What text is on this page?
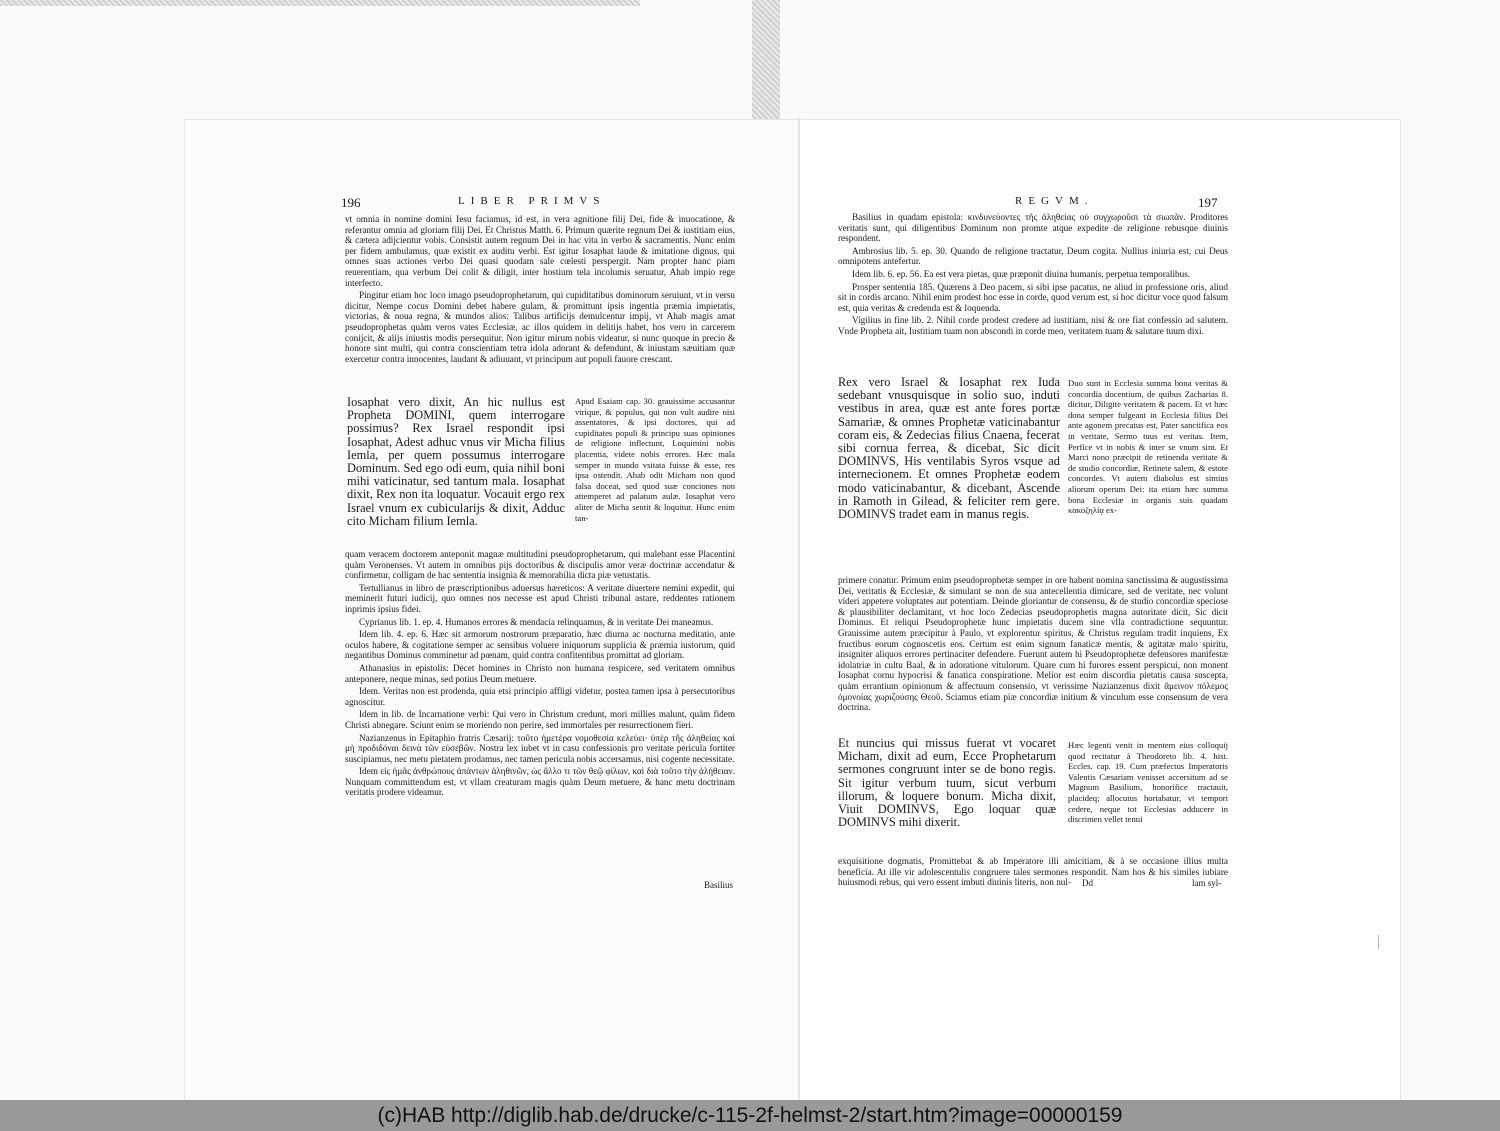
196	LIBER PRIMVS

vt omnia in nomine domini Iesu faciamus, id est, in vera agnitione filij Dei, fide & inuocatione, & referantur omnia ad gloriam filij Dei. Et Christus Matth. 6. Primum quærite regnum Dei & iustitiam eius, & cætera adijcientur vobis. Consistit autem regnum Dei in hac vita in verbo & sacramentis. Nunc enim per fidem ambulamus, quæ existit ex auditu verbi. Est igitur Iosaphat laude & imitatione dignus, qui omnes suas actiones verbo Dei quasi quodam sale cœlesti perspergit. Nam propter hanc piam reuerentiam, qua verbum Dei colit & diligit, inter hostium tela incolumis seruatur, Ahab impio rege interfecto.

Pingitur etiam hoc loco imago pseudoprophetarum, qui cupiditatibus dominorum seruiunt, vt in versu dicitur, Nempe cocus Domini debet habere gulam, & promittunt ipsis ingentia præmia impietatis, victorias, & noua regna, & mundos alios: Talibus artificijs demulcentur impij, vt Ahab magis amat pseudoprophetas quàm veros vates Ecclesiæ, ac illos quidem in delitijs habet, hos vero in carcerem conijcit, & alijs iniustis modis persequitur. Non igitur mirum nobis videatur, si nunc quoque in precio & honore sint multi, qui contra conscientiam tetra idola adorant & defendunt, & iniustam sæuitiam quæ exercetur contra innocentes, laudant & adiuuant, vt principum aut populi fauore crescant.

Iosaphat vero dixit, An hic nullus est Propheta DOMINI, quem interrogare possimus? Rex Israel respondit ipsi Iosaphat, Adest adhuc vnus vir Micha filius Iemla, per quem possumus interrogare Dominum. Sed ego odi eum, quia nihil boni mihi vaticinatur, sed tantum mala. Iosaphat dixit, Rex non ita loquatur. Vocauit ergo rex Israel vnum ex cubicularijs & dixit, Adduc cito Micham filium Iemla.
Apud Esaiam cap. 30. grauissime accusantur vtrique, & populus, qui non vult audire nisi assentatores, & ipsi doctores, qui ad cupiditates populi & principu suas opiniones de religione inflectunt, Loquimini nobis placentia, videte nobis errores. Hæc mala semper in mundo vsitata fuisse & esse, res ipsa ostendit. Ahab odit Micham non quod falsa doceat, sed quod suæ conciones non attemperet ad palatum aulæ. Iosaphat vero aliter de Micha sentit & loquitur. Hunc enim tan-

quam veracem doctorem anteponit magnæ multitudini pseudoprophetarum, qui malebant esse Placentini quàm Veronenses. Vt autem in omnibus pijs doctoribus & discipulis amor veræ doctrinæ accendatur & confirmetur, colligam de hac sententia insignia & memorabilia dicta piæ vetustatis.

Tertullianus in libro de præscriptionibus aduersus hæreticos: A veritate diuertere nemini expedit, qui meminerit futuri iudicij, quo omnes nos necesse est apud Christi tribunal astare, reddentes rationem inprimis ipsius fidei.

Cyprianus lib. 1. ep. 4. Humanos errores & mendacia relinquamus, & in veritate Dei maneamus.

Idem lib. 4. ep. 6. Hæc sit armorum nostrorum præparatio, hæc diurna ac nocturna meditatio, ante oculos habere, & cogitatione semper ac sensibus voluere iniquorum supplicia & præmia iustorum, quid negantibus Dominus comminetur ad pœnam, quid contra confitentibus promittat ad gloriam.

Athanasius in epistolis: Decet homines in Christo non humana respicere, sed veritatem omnibus anteponere, neque minas, sed potius Deum metuere.

Idem. Veritas non est prodenda, quia etsi principio affligi videtur, postea tamen ipsa à persecutoribus agnoscitur.

Idem in lib. de Incarnatione verbi: Qui vero in Christum credunt, mori millies malunt, quàm fidem Christi abnegare. Sciunt enim se moriendo non perire, sed immortales per resurrectionem fieri.

Nazianzenus in Epitaphio fratris Cæsarij: τοῦτο ἡμετέρα νομοθεσία κελεύει· ὑπὲρ τῆς ἀληθείας καὶ μὴ προδιδόναι δεινὰ τῶν εὐσεβῶν. Nostra lex iubet vt in casu confessionis pro veritate pericula fortiter suscipiamus, nec metu pietatem prodamus, nec tamen pericula nobis accersamus, nisi cogente necessitate.

Idem εἰς ἡμᾶς ἀνθρώπους ἀπάντων ἀληθινῶν, ὡς ἄλλο τι τῶν θεῷ φίλων, καὶ διὰ τοῦτο τὴν ἀλήθειαν. Nunquam committendum est, vt vllam creaturam magis quàm Deum metuere, & hanc metu doctrinam veritatis prodere videamur.

Basilius
REGVM.	197

Basilius in quadam epistola: κινδυνεύοντες τῆς ἀληθείας οὐ συγχωροῦσι τὰ σιωπᾶν. Proditores veritatis sunt, qui diligentibus Dominum non promte atque expedite de religione rebusque diuinis respondent.

Ambrosius lib. 5. ep. 30. Quando de religione tractatur, Deum cogita. Nullius iniuria est, cui Deus omnipotens antefertur.

Idem lib. 6. ep. 56. Ea est vera pietas, quæ præponit diuina humanis, perpetua temporalibus.

Prosper sententia 185. Quærens à Deo pacem, si sibi ipse pacatus, ne aliud in professione oris, aliud sit in cordis arcano. Nihil enim prodest hoc esse in corde, quod verum est, si hoc dicitur voce quod falsum est, quia veritas & credenda est & loquenda.

Vigilius in fine lib. 2. Nihil corde prodest credere ad iustitiam, nisi & ore fiat confessio ad salutem. Vnde Propheta ait, Iustitiam tuam non abscondi in corde meo, veritatem tuam & salutare tuum dixi.

Rex vero Israel & Iosaphat rex Iuda sedebant vnusquisque in solio suo, induti vestibus in area, quæ est ante fores portæ Samariæ, & omnes Prophetæ vaticinabantur coram eis, & Zedecias filius Cnaena, fecerat sibi cornua ferrea, & dicebat, Sic dicit DOMINVS, His ventilabis Syros vsque ad internecionem. Et omnes Prophetæ eodem modo vaticinabantur, & dicebant, Ascende in Ramoth in Gilead, & feliciter rem gere. DOMINVS tradet eam in manus regis.
Duo sunt in Ecclesia summa bona veritas & concordia docentium, de quibus Zacharias 8. dicitur, Diligite veritatem & pacem. Et vt hæc dona semper fulgeant in Ecclesia filius Dei ante agonem precatus est, Pater sanctifica eos in veritate, Sermo tuus est veritas. Item, Perfice vt in nobis & inter se vnum sint. Et Marci nono præcipit de retinenda veritate & de studio concordiæ, Retinete salem, & estote concordes. Vt autem diabolus est simius aliorum operum Dei: ita etiam hæc summa bona Ecclesiæ in organis suis quadam κακοζηλίᾳ ex-
primere conatur. Primum enim pseudoprophetæ semper in ore habent nomina sanctissima & augustissima Dei, veritatis & Ecclesiæ, & simulant se non de sua antecellentia dimicare, sed de veritate, nec volunt videri appetere voluptates aut potentiam. Deinde gloriantur de consensu, & de studio concordiæ speciose & plausibiliter declamitant, vt hoc loco Zedecias pseudoprophetis magna autoritate dicit, Sic dicit Dominus. Et reliqui Pseudoprophetæ hunc impietatis ducem sine vlla contradictione sequuntur. Grauissime autem præcipitur à Paulo, vt explorentur spiritus, & Christus regulam tradit inquiens, Ex fructibus eorum cognoscetis eos. Certum est enim signum fanaticæ mentis, & agitatæ malo spiritu, insigniter aliquos errores pertinaciter defendere. Fuerunt autem hi Pseudoprophetæ defensores manifestæ idolatriæ in cultu Baal, & in adoratione vitulorum. Quare cum hi furores essent perspicui, non monent Iosaphat cornu hypocrisi & fanatica conspiratione. Melior est enim discordia pietatis causa suscepta, quàm errantium opinionum & affectuum consensio, vt verissime Nazianzenus dixit ἄμεινον πόλεμος ὁμονοίας χωριζούσης Θεοῦ. Sciamus etiam piæ concordiæ initium & vinculum esse consensum de vera doctrina.
Et nuncius qui missus fuerat vt vocaret Micham, dixit ad eum, Ecce Prophetarum sermones congruunt inter se de bono regis. Sit igitur verbum tuum, sicut verbum illorum, & loquere bonum. Micha dixit, Viuit DOMINVS, Ego loquar quæ DOMINVS mihi dixerit.
Hæc legenti venit in mentem eius colloquij quod recitatur à Theodoreto lib. 4. hist. Eccles. cap. 19. Cum præfectus Imperatoris Valentis Cæsariam venisset accersitum ad se Magnum Basilium, honorifice tractauit, placideq; allocutus hortabatur, vt tempori cedere, neque tot Ecclesias adducere in discrimen vellet tenui
exquisitione dogmatis, Promittebat & ab Imperatore illi amicitiam, & à se occasione illius multa beneficia. At ille vir adolescentulis congruere tales sermones respondit. Nam hos & his similes iubiare huiusmodi rebus, qui vero essent imbuti diuinis literis, non nul-	Dd	lam syl-
(c)HAB http://diglib.hab.de/drucke/c-115-2f-helmst-2/start.htm?image=00000159
